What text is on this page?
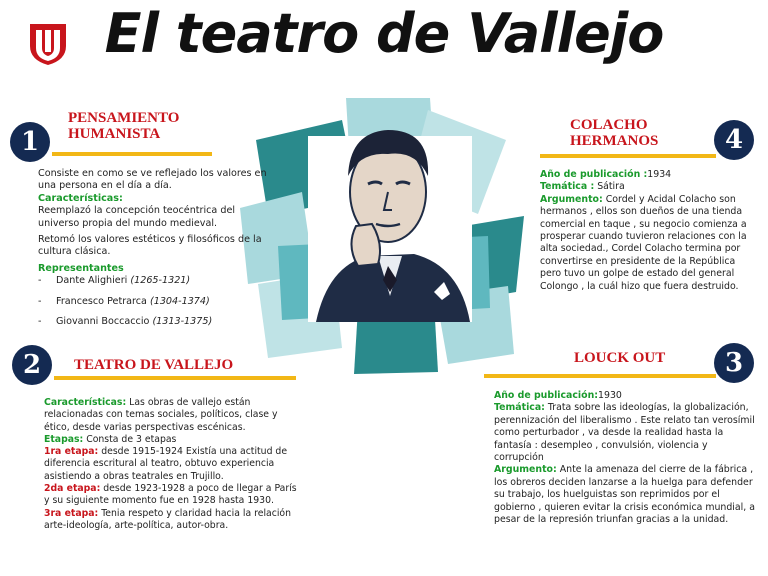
El teatro de Vallejo
1
PENSAMIENTO HUMANISTA

Consiste en como se ve reflejado los valores en una persona en el día a día.

Características:

Reemplazó la concepción teocéntrica del universo propia del mundo medieval.

Retomó los valores estéticos y filosóficos de la cultura clásica.

Representantes

- Dante Alighieri (1265-1321)

- Francesco Petrarca (1304-1374)

- Giovanni Boccaccio (1313-1375)

2	TEATRO DE VALLEJO

Características: Las obras de vallejo están relacionadas con temas sociales, políticos, clase y ético, desde varias perspectivas escénicas.

Etapas: Consta de 3 etapas

1ra etapa: desde 1915-1924 Existía una actitud de diferencia escritural al teatro, obtuvo experiencia asistiendo a obras teatrales en Trujillo.

2da etapa: desde 1923-1928 a poco de llegar a París y su siguiente momento fue en 1928 hasta 1930.

3ra etapa: Tenia respeto y claridad hacia la relación arte-ideología, arte-política, autor-obra.

4
COLACHO HERMANOS

Año de publicación :1934

Temática : Sátira

Argumento: Cordel y Acidal Colacho son hermanos , ellos son dueños de una tienda comercial en taque , su negocio comienza a prosperar cuando tuvieron relaciones con la alta sociedad., Cordel Colacho termina por convertirse en presidente de la República pero tuvo un golpe de estado del general Colongo , la cuál hizo que fuera destruido.

3
LOUCK OUT

Año de publicación:1930

Temática: Trata sobre las ideologías, la globalización, perennización del liberalismo . Este relato tan verosímil como perturbador , va desde la realidad hasta la fantasía : desempleo , convulsión, violencia y corrupción

Argumento: Ante la amenaza del cierre de la fábrica , los obreros deciden lanzarse a la huelga para defender su trabajo, los huelguistas son reprimidos por el gobierno , quieren evitar la crisis económica mundial, a pesar de la represión triunfan gracias a la unidad.
